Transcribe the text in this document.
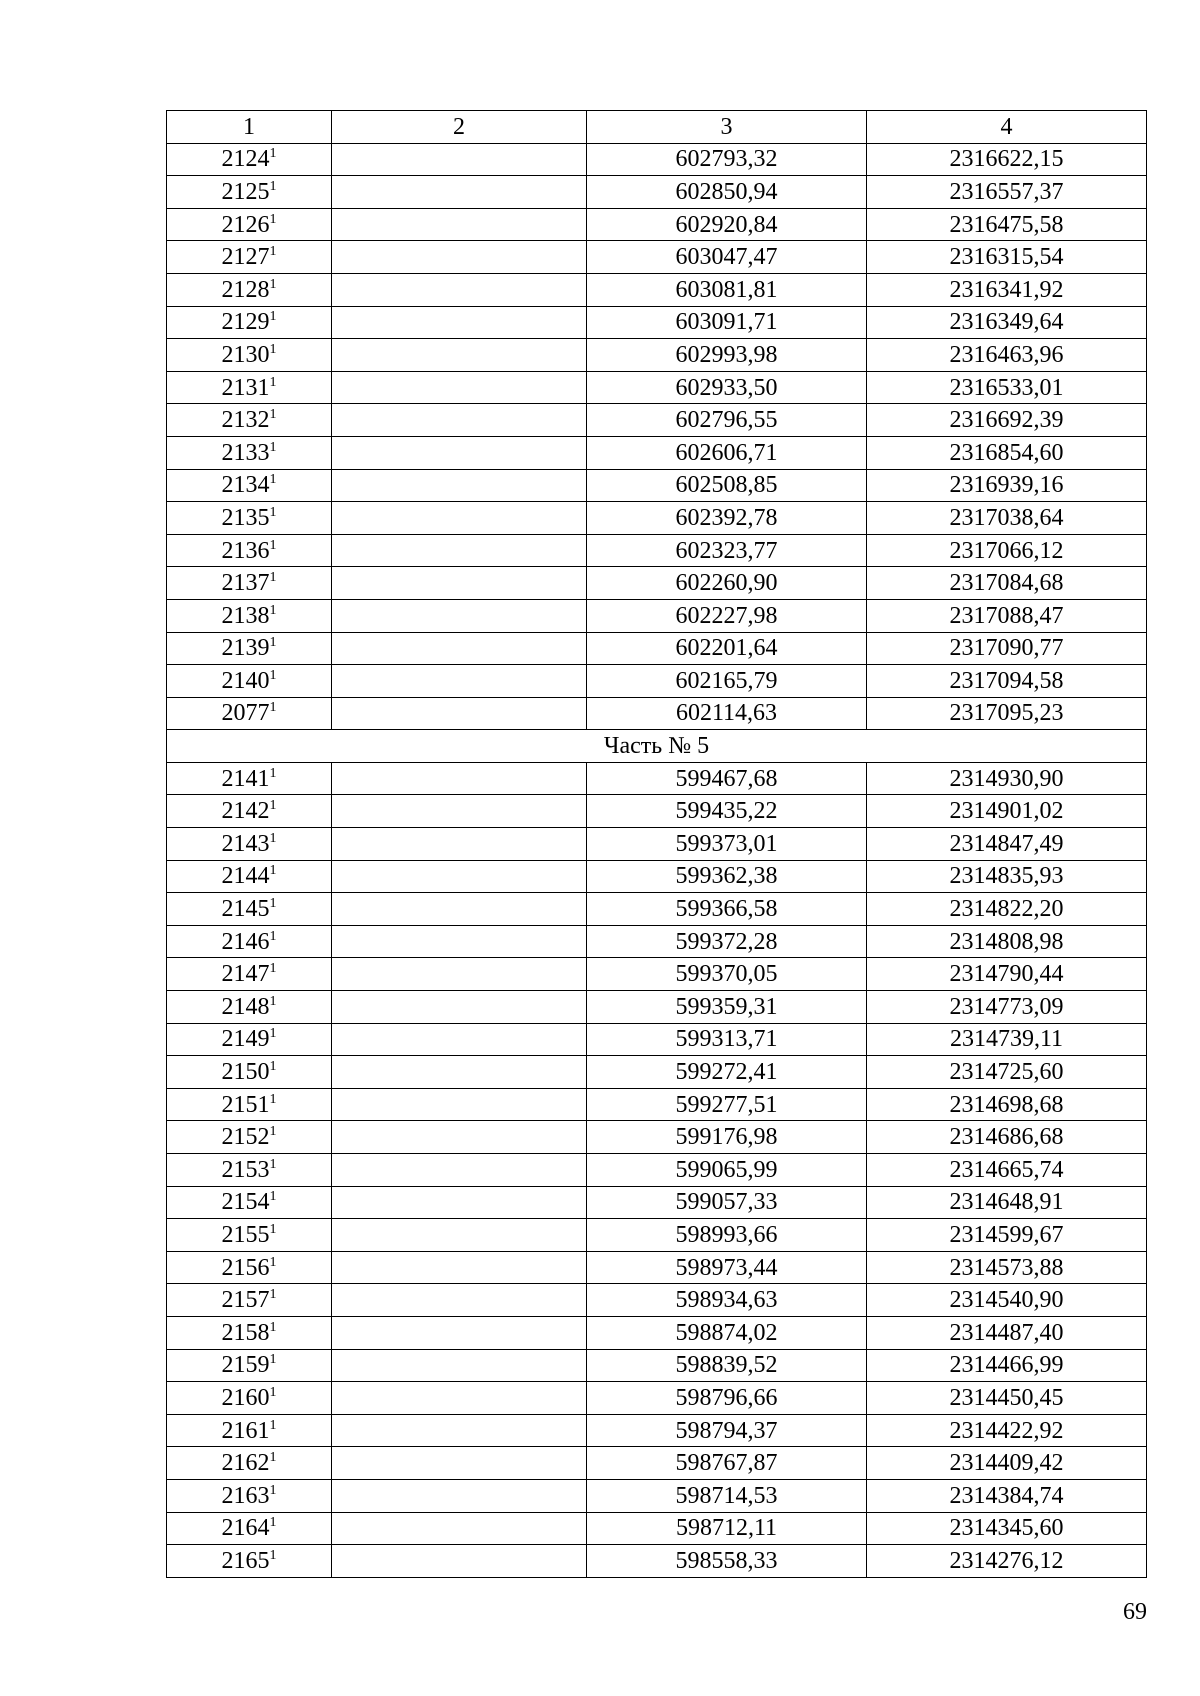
1	2	3	4
2124$^1$		602793,32	2316622,15
2125$^1$		602850,94	2316557,37
2126$^1$		602920,84	2316475,58
2127$^1$		603047,47	2316315,54
2128$^1$		603081,81	2316341,92
2129$^1$		603091,71	2316349,64
2130$^1$		602993,98	2316463,96
2131$^1$		602933,50	2316533,01
2132$^1$		602796,55	2316692,39
2133$^1$		602606,71	2316854,60
2134$^1$		602508,85	2316939,16
2135$^1$		602392,78	2317038,64
2136$^1$		602323,77	2317066,12
2137$^1$		602260,90	2317084,68
2138$^1$		602227,98	2317088,47
2139$^1$		602201,64	2317090,77
2140$^1$		602165,79	2317094,58
2077$^1$		602114,63	2317095,23
Часть № 5			
2141$^1$		599467,68	2314930,90
2142$^1$		599435,22	2314901,02
2143$^1$		599373,01	2314847,49
2144$^1$		599362,38	2314835,93
2145$^1$		599366,58	2314822,20
2146$^1$		599372,28	2314808,98
2147$^1$		599370,05	2314790,44
2148$^1$		599359,31	2314773,09
2149$^1$		599313,71	2314739,11
2150$^1$		599272,41	2314725,60
2151$^1$		599277,51	2314698,68
2152$^1$		599176,98	2314686,68
2153$^1$		599065,99	2314665,74
2154$^1$		599057,33	2314648,91
2155$^1$		598993,66	2314599,67
2156$^1$		598973,44	2314573,88
2157$^1$		598934,63	2314540,90
2158$^1$		598874,02	2314487,40
2159$^1$		598839,52	2314466,99
2160$^1$		598796,66	2314450,45
2161$^1$		598794,37	2314422,92
2162$^1$		598767,87	2314409,42
2163$^1$		598714,53	2314384,74
2164$^1$		598712,11	2314345,60
2165$^1$		598558,33	2314276,12
69
